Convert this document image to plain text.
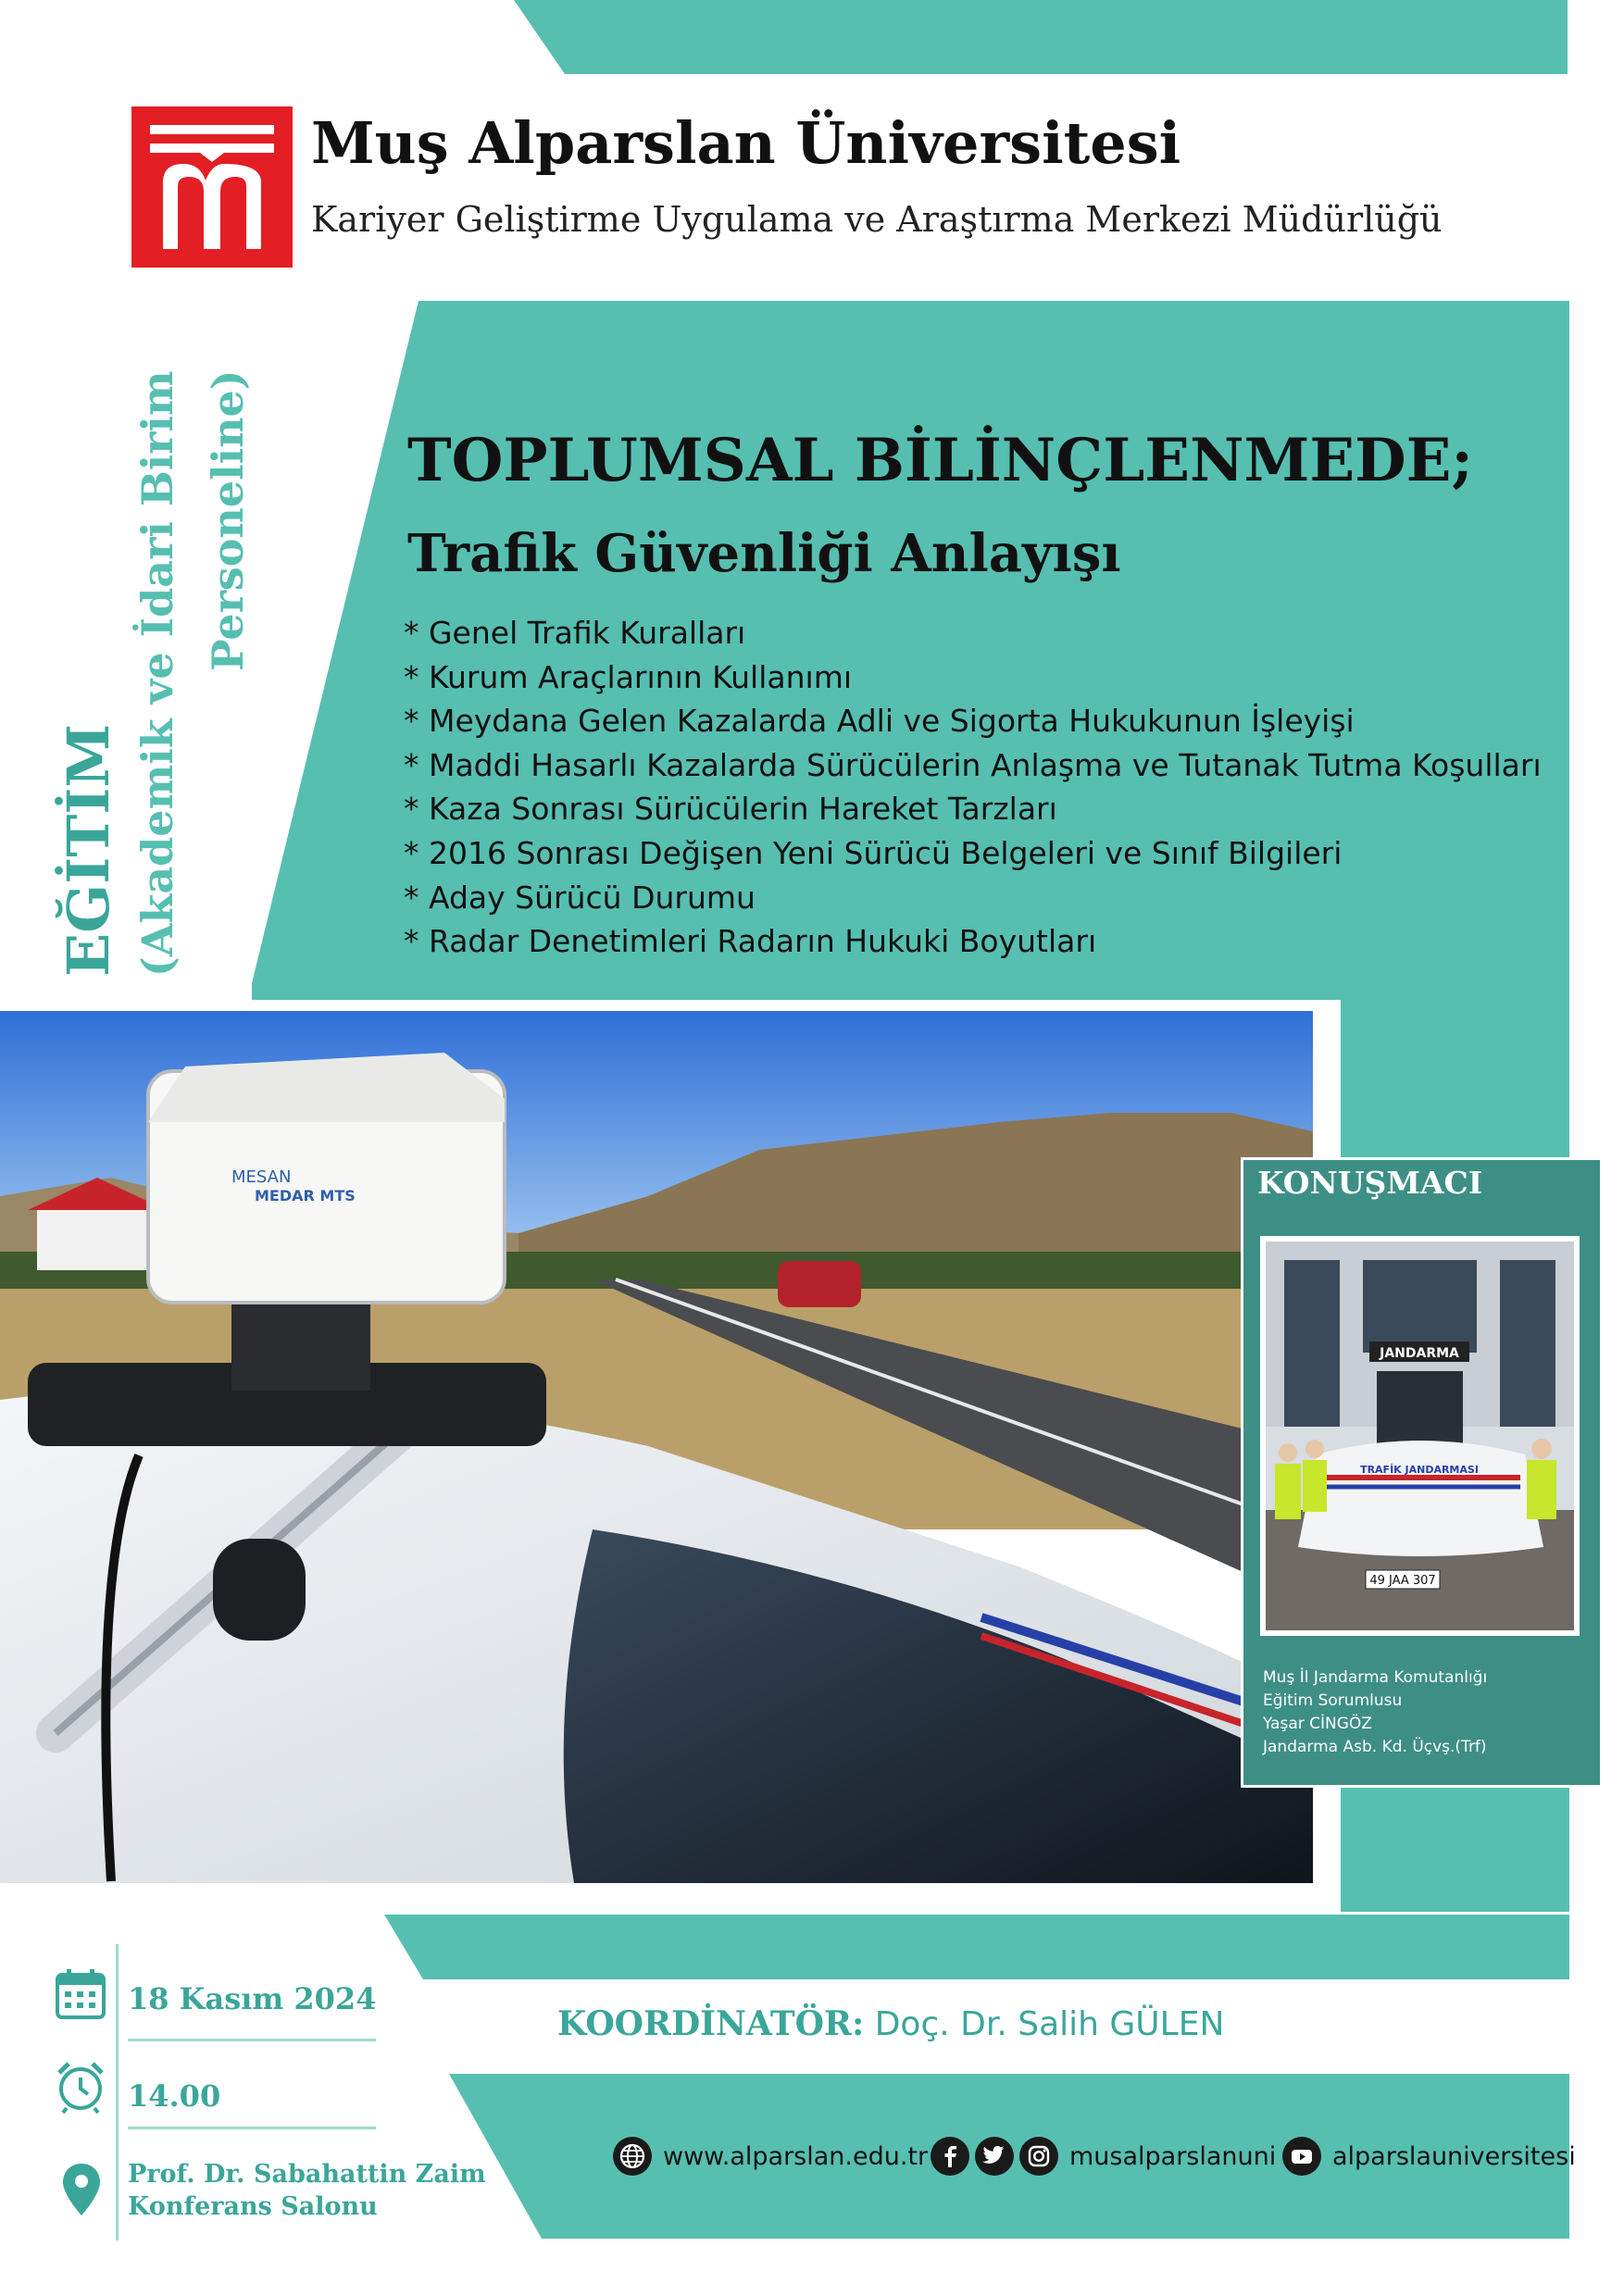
Muş Alparslan Üniversitesi
Kariyer Geliştirme Uygulama ve Araştırma Merkezi Müdürlüğü
EĞİTİM (Akademik ve İdari Birim Personeline)	TOPLUMSAL BİLİNÇLENMEDE;
Trafik Güvenliği Anlayışı
* Genel Trafik Kuralları
* Kurum Araçlarının Kullanımı
* Meydana Gelen Kazalarda Adli ve Sigorta Hukukunun İşleyişi
* Maddi Hasarlı Kazalarda Sürücülerin Anlaşma ve Tutanak Tutma Koşulları
* Kaza Sonrası Sürücülerin Hareket Tarzları
* 2016 Sonrası Değişen Yeni Sürücü Belgeleri ve Sınıf Bilgileri
* Aday Sürücü Durumu
* Radar Denetimleri Radarın Hukuki Boyutları
MESAN
MEDAR MTS	KONUŞMACI
JANDARMA
TRAFİK JANDARMASI
49 JAA 307
Muş İl Jandarma Komutanlığı
Eğitim Sorumlusu
Yaşar CİNGÖZ
Jandarma Asb. Kd. Üçvş.(Trf)
18 Kasım 2024
14.00
Prof. Dr. Sabahattin Zaim
Konferans Salonu
KOORDİNATÖR: Doç. Dr. Salih GÜLEN
www.alparslan.edu.tr	musalparslanuni alparslauniversitesi
